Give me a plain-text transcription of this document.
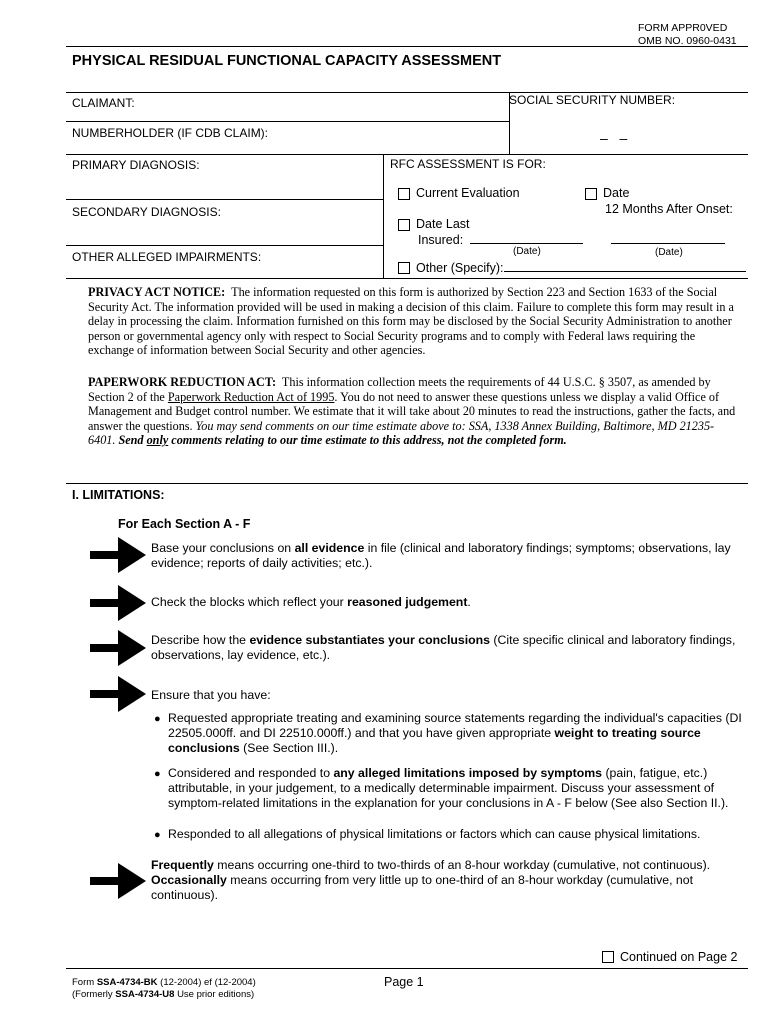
FORM APPR0VED
OMB NO. 0960-0431
PHYSICAL RESIDUAL FUNCTIONAL CAPACITY ASSESSMENT
CLAIMANT:	SOCIAL SECURITY NUMBER:
NUMBERHOLDER (IF CDB CLAIM):	–   –
PRIMARY DIAGNOSIS:	RFC ASSESSMENT IS FOR:
SECONDARY DIAGNOSIS:
OTHER ALLEGED IMPAIRMENTS:
Current Evaluation	Date
12 Months After Onset:
Date Last
Insured:
(Date)	(Date)
Other (Specify):
PRIVACY ACT NOTICE: The information requested on this form is authorized by Section 223 and Section 1633 of the Social Security Act. The information provided will be used in making a decision of this claim. Failure to complete this form may result in a delay in processing the claim. Information furnished on this form may be disclosed by the Social Security Administration to another person or governmental agency only with respect to Social Security programs and to comply with Federal laws requiring the exchange of information between Social Security and other agencies.
PAPERWORK REDUCTION ACT: This information collection meets the requirements of 44 U.S.C. § 3507, as amended by Section 2 of the Paperwork Reduction Act of 1995. You do not need to answer these questions unless we display a valid Office of Management and Budget control number. We estimate that it will take about 20 minutes to read the instructions, gather the facts, and answer the questions. You may send comments on our time estimate above to: SSA, 1338 Annex Building, Baltimore, MD 21235-6401. Send only comments relating to our time estimate to this address, not the completed form.
I. LIMITATIONS:
For Each Section A - F
Base your conclusions on all evidence in file (clinical and laboratory findings; symptoms; observations, lay evidence; reports of daily activities; etc.).
Check the blocks which reflect your reasoned judgement.
Describe how the evidence substantiates your conclusions (Cite specific clinical and laboratory findings, observations, lay evidence, etc.).
Ensure that you have:
● Requested appropriate treating and examining source statements regarding the individual's capacities (DI 22505.000ff. and DI 22510.000ff.) and that you have given appropriate weight to treating source conclusions (See Section III.).
● Considered and responded to any alleged limitations imposed by symptoms (pain, fatigue, etc.) attributable, in your judgement, to a medically determinable impairment. Discuss your assessment of symptom-related limitations in the explanation for your conclusions in A - F below (See also Section II.).
● Responded to all allegations of physical limitations or factors which can cause physical limitations.
Frequently means occurring one-third to two-thirds of an 8-hour workday (cumulative, not continuous).
Occasionally means occurring from very little up to one-third of an 8-hour workday (cumulative, not continuous).
Continued on Page 2
Form SSA-4734-BK (12-2004) ef (12-2004)
(Formerly SSA-4734-U8 Use prior editions)
Page 1
